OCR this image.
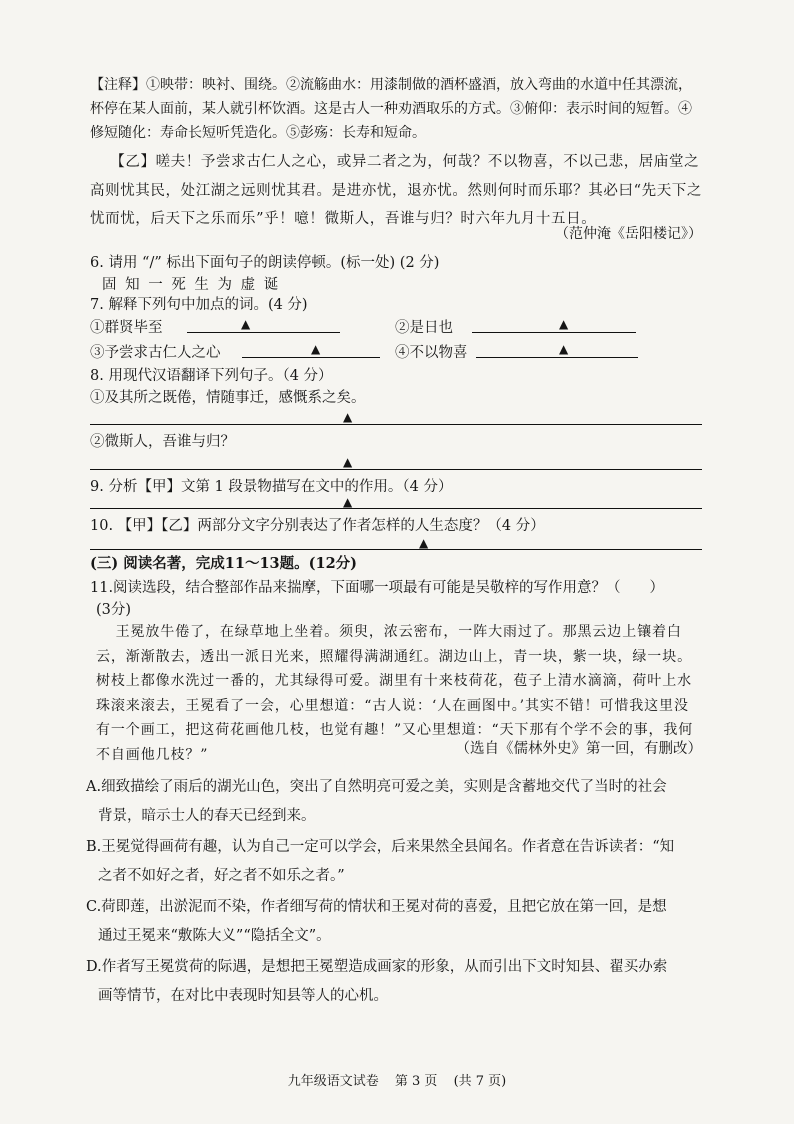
【注释】①映带：映衬、围绕。②流觞曲水：用漆制做的酒杯盛酒，放入弯曲的水道中任其漂流，杯停在某人面前，某人就引杯饮酒。这是古人一种劝酒取乐的方式。③俯仰：表示时间的短暂。④修短随化：寿命长短听凭造化。⑤彭殇：长寿和短命。

【乙】嗟夫！予尝求古仁人之心，或异二者之为，何哉？不以物喜，不以己悲，居庙堂之高则忧其民，处江湖之远则忧其君。是进亦忧，退亦忧。然则何时而乐耶？其必曰“先天下之忧而忧，后天下之乐而乐”乎！噫！微斯人，吾谁与归？时六年九月十五日。

（范仲淹《岳阳楼记》）

6. 请用 “/” 标出下面句子的朗读停顿。(标一处) (2 分)

固 知 一 死 生 为 虚 诞

7. 解释下列句中加点的词。(4 分)

①群贤毕至	▲	②是日也	▲
③予尝求古仁人之心	▲	④不以物喜	▲

8. 用现代汉语翻译下列句子。（4 分）

①及其所之既倦，情随事迁，感慨系之矣。

▲

②微斯人，吾谁与归？

▲

9. 分析【甲】文第 1 段景物描写在文中的作用。（4 分）

▲

10. 【甲】【乙】两部分文字分别表达了作者怎样的人生态度？（4 分）

▲

(三) 阅读名著，完成11～13题。(12分)

11.阅读选段，结合整部作品来揣摩，下面哪一项最有可能是吴敬梓的写作用意？（　　）

(3分)

王冕放牛倦了，在绿草地上坐着。须臾，浓云密布，一阵大雨过了。那黑云边上镶着白云，渐渐散去，透出一派日光来，照耀得满湖通红。湖边山上，青一块，紫一块，绿一块。树枝上都像水洗过一番的，尤其绿得可爱。湖里有十来枝荷花，苞子上清水滴滴，荷叶上水珠滚来滚去，王冕看了一会，心里想道：“古人说：‘人在画图中。’其实不错！可惜我这里没有一个画工，把这荷花画他几枝，也觉有趣！”又心里想道：“天下那有个学不会的事，我何不自画他几枝？”	（选自《儒林外史》第一回，有删改）

A.细致描绘了雨后的湖光山色，突出了自然明亮可爱之美，实则是含蓄地交代了当时的社会
背景，暗示士人的春天已经到来。

B.王冕觉得画荷有趣，认为自己一定可以学会，后来果然全县闻名。作者意在告诉读者：“知
之者不如好之者，好之者不如乐之者。”

C.荷即莲，出淤泥而不染，作者细写荷的情状和王冕对荷的喜爱，且把它放在第一回，是想
通过王冕来“敷陈大义”“隐括全文”。

D.作者写王冕赏荷的际遇，是想把王冕塑造成画家的形象，从而引出下文时知县、翟买办索
画等情节，在对比中表现时知县等人的心机。

九年级语文试卷 第 3 页 (共 7 页)
